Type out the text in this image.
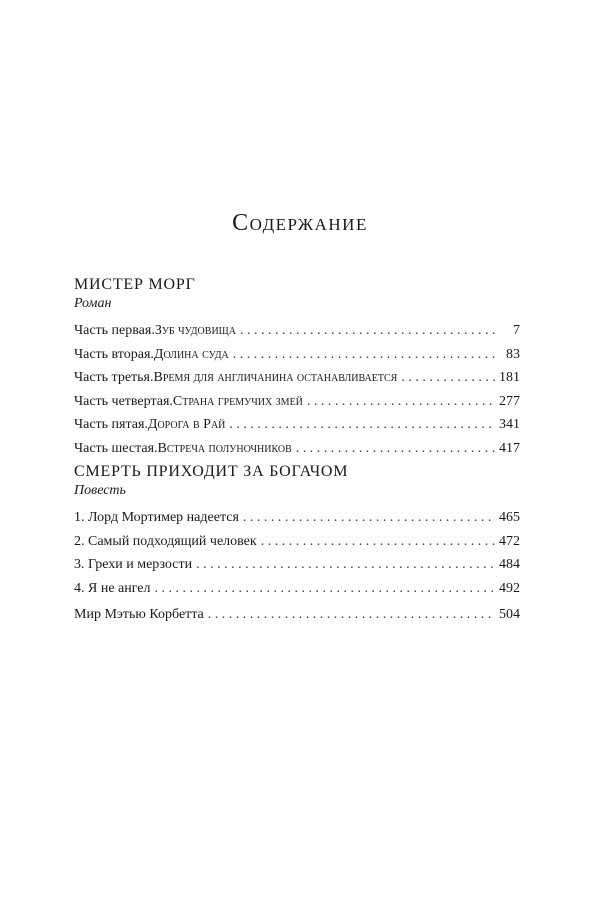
Содержание
МИСТЕР МОРГ
Роман
Часть первая. Зуб чудовища . . .	7
Часть вторая. Долина суда . . .	83
Часть третья. Время для англичанина останавливается . . .	181
Часть четвертая. Страна гремучих змей . . .	277
Часть пятая. Дорога в Рай . . .	341
Часть шестая. Встреча полуночников . . .	417
СМЕРТЬ ПРИХОДИТ ЗА БОГАЧОМ
Повесть
1. Лорд Мортимер надеется . . .	465
2. Самый подходящий человек . . .	472
3. Грехи и мерзости . . .	484
4. Я не ангел . . .	492
Мир Мэтью Корбетта . . .	504
